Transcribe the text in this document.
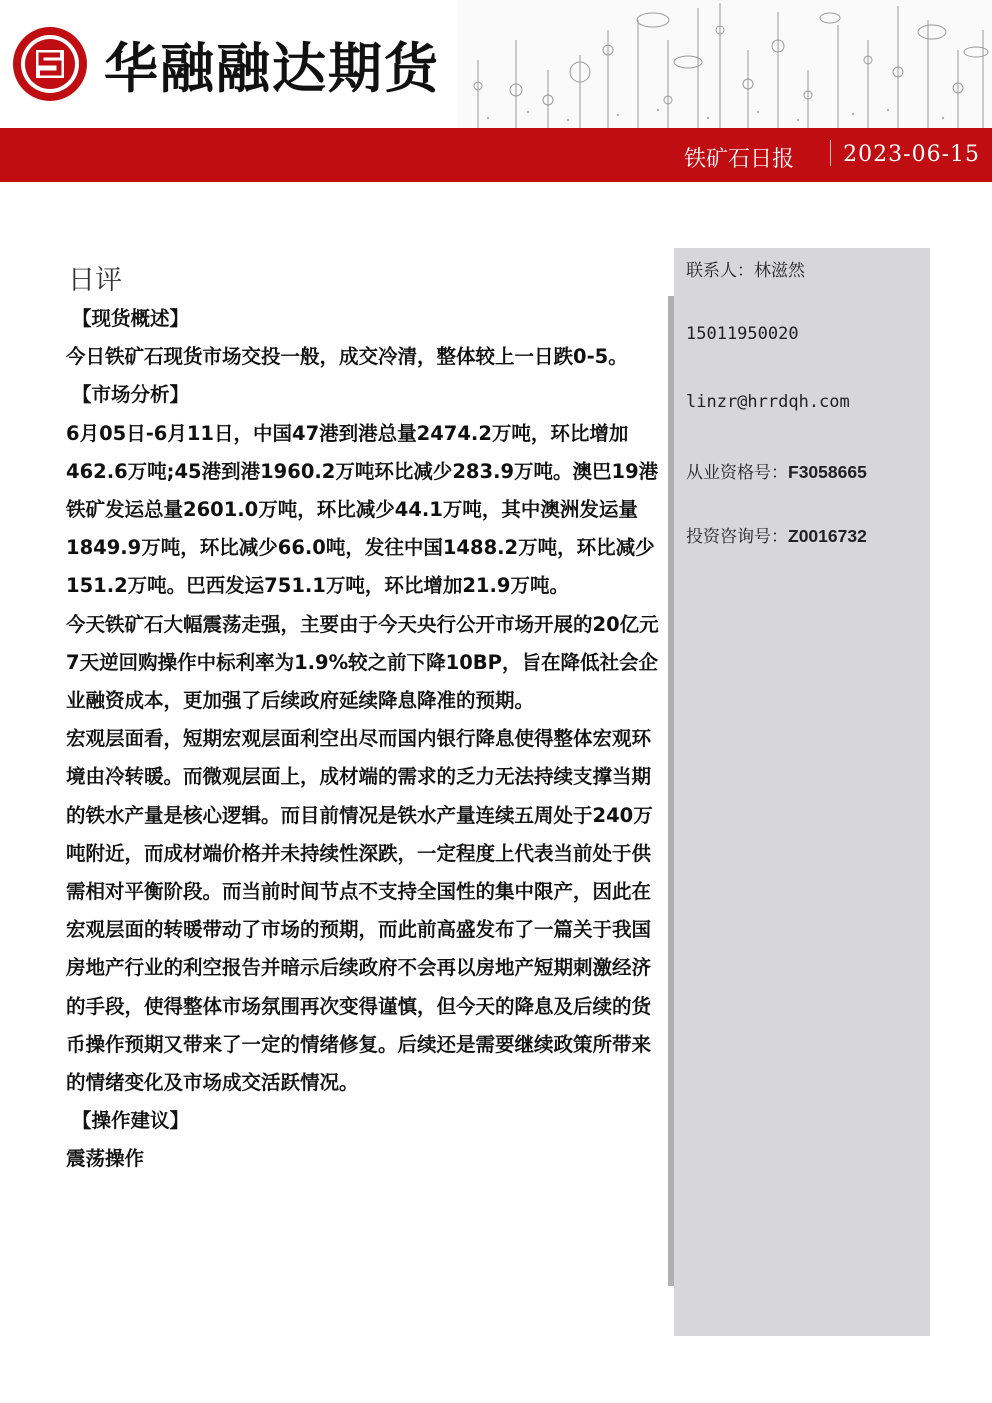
华融融达期货
铁矿石日报 2023-06-15
日评

【现货概述】

今日铁矿石现货市场交投一般，成交冷清，整体较上一日跌0-5。

【市场分析】

6月05日-6月11日，中国47港到港总量2474.2万吨，环比增加462.6万吨;45港到港1960.2万吨环比减少283.9万吨。澳巴19港铁矿发运总量2601.0万吨，环比减少44.1万吨，其中澳洲发运量1849.9万吨，环比减少66.0吨，发往中国1488.2万吨，环比减少151.2万吨。巴西发运751.1万吨，环比增加21.9万吨。

今天铁矿石大幅震荡走强，主要由于今天央行公开市场开展的20亿元7天逆回购操作中标利率为1.9%较之前下降10BP，旨在降低社会企业融资成本，更加强了后续政府延续降息降准的预期。

宏观层面看，短期宏观层面利空出尽而国内银行降息使得整体宏观环境由冷转暖。而微观层面上，成材端的需求的乏力无法持续支撑当期的铁水产量是核心逻辑。而目前情况是铁水产量连续五周处于240万吨附近，而成材端价格并未持续性深跌，一定程度上代表当前处于供需相对平衡阶段。而当前时间节点不支持全国性的集中限产，因此在宏观层面的转暖带动了市场的预期，而此前高盛发布了一篇关于我国房地产行业的利空报告并暗示后续政府不会再以房地产短期刺激经济的手段，使得整体市场氛围再次变得谨慎，但今天的降息及后续的货币操作预期又带来了一定的情绪修复。后续还是需要继续政策所带来的情绪变化及市场成交活跃情况。

【操作建议】

震荡操作

联系人：林滋然
15011950020
linzr@hrrdqh.com
从业资格号：F3058665
投资咨询号：Z0016732
